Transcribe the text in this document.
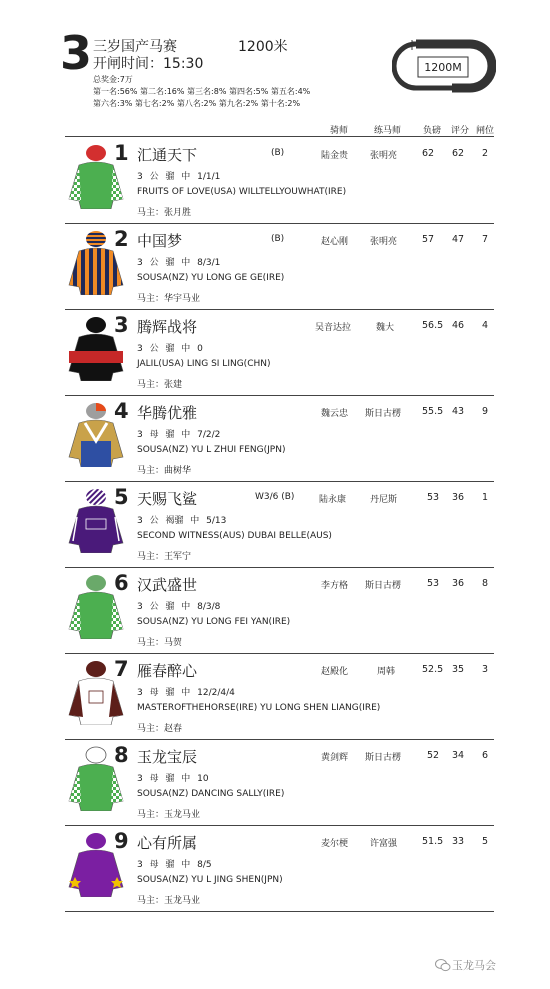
3 三岁国产马赛	1200米
开闸时间：15:30
总奖金:7万
第一名:56% 第二名:16% 第三名:8% 第四名:5% 第五名:4%
第六名:3% 第七名:2% 第八名:2% 第九名:2% 第十名:2%
1200M
骑师	练马师 负磅 评分 闸位
1 汇通天下	(B)	陆金贵 张明亮	62 62 2
3 公 骝 中 1/1/1
FRUITS OF LOVE(USA) WILLTELLYOUWHAT(IRE)
马主：张月胜
2 中国梦	(B)	赵心刚 张明亮	57 47 7
3 公 骝 中 8/3/1
SOUSA(NZ) YU LONG GE GE(IRE)
马主：华宇马业
3 腾辉战将	吴音达拉	魏大	56.5 46 4
3 公 骝 中 0
JALIL(USA) LING SI LING(CHN)
马主：张建
4 华腾优雅	魏云忠 斯日古楞 55.5 43 9
3 母 骝 中 7/2/2
SOUSA(NZ) YU L ZHUI FENG(JPN)
马主：曲树华
5 天赐飞鲨	W3/6 (B)	陆永康	丹尼斯	53 36 1
3 公 褐骝 中 5/13
SECOND WITNESS(AUS) DUBAI BELLE(AUS)
马主：王军宁
6 汉武盛世	李方格 斯日古楞	53 36 8
3 公 骝 中 8/3/8
SOUSA(NZ) YU LONG FEI YAN(IRE)
马主：马贺
7 雁春醉心	赵殿化	周韩	52.5 35 3
3 母 骝 中 12/2/4/4
MASTEROFTHEHORSE(IRE) YU LONG SHEN LIANG(IRE)
马主：赵春
8 玉龙宝辰	黄剑辉 斯日古楞	52 34 6
3 母 骝 中 10
SOUSA(NZ) DANCING SALLY(IRE)
马主：玉龙马业
9 心有所属	麦尔梗 许富强	51.5 33 5
3 母 骝 中 8/5
SOUSA(NZ) YU L JING SHEN(JPN)
马主：玉龙马业
玉龙马会
